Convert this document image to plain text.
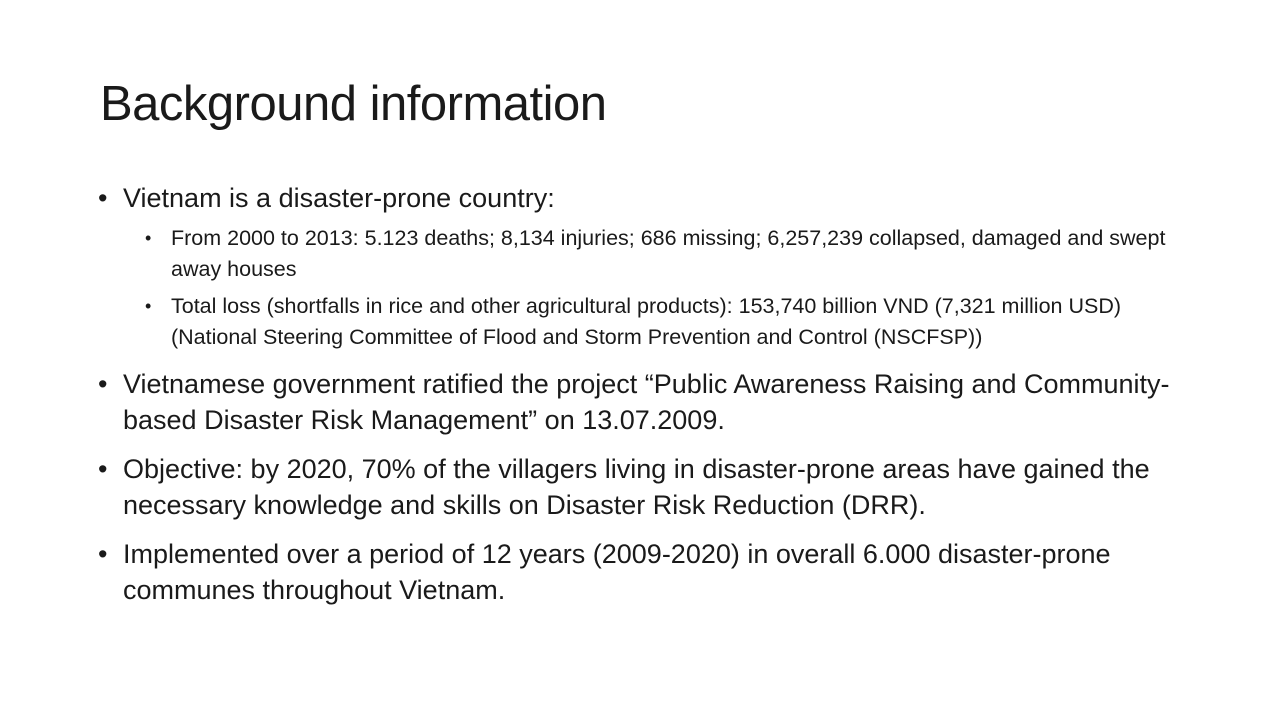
Background information
• Vietnam is a disaster-prone country:
• From 2000 to 2013: 5.123 deaths; 8,134 injuries; 686 missing; 6,257,239 collapsed, damaged and swept away houses
• Total loss (shortfalls in rice and other agricultural products): 153,740 billion VND (7,321 million USD) (National Steering Committee of Flood and Storm Prevention and Control (NSCFSP))
• Vietnamese government ratified the project “Public Awareness Raising and Community-based Disaster Risk Management” on 13.07.2009.
• Objective: by 2020, 70% of the villagers living in disaster-prone areas have gained the necessary knowledge and skills on Disaster Risk Reduction (DRR).
• Implemented over a period of 12 years (2009-2020) in overall 6.000 disaster-prone communes throughout Vietnam.
